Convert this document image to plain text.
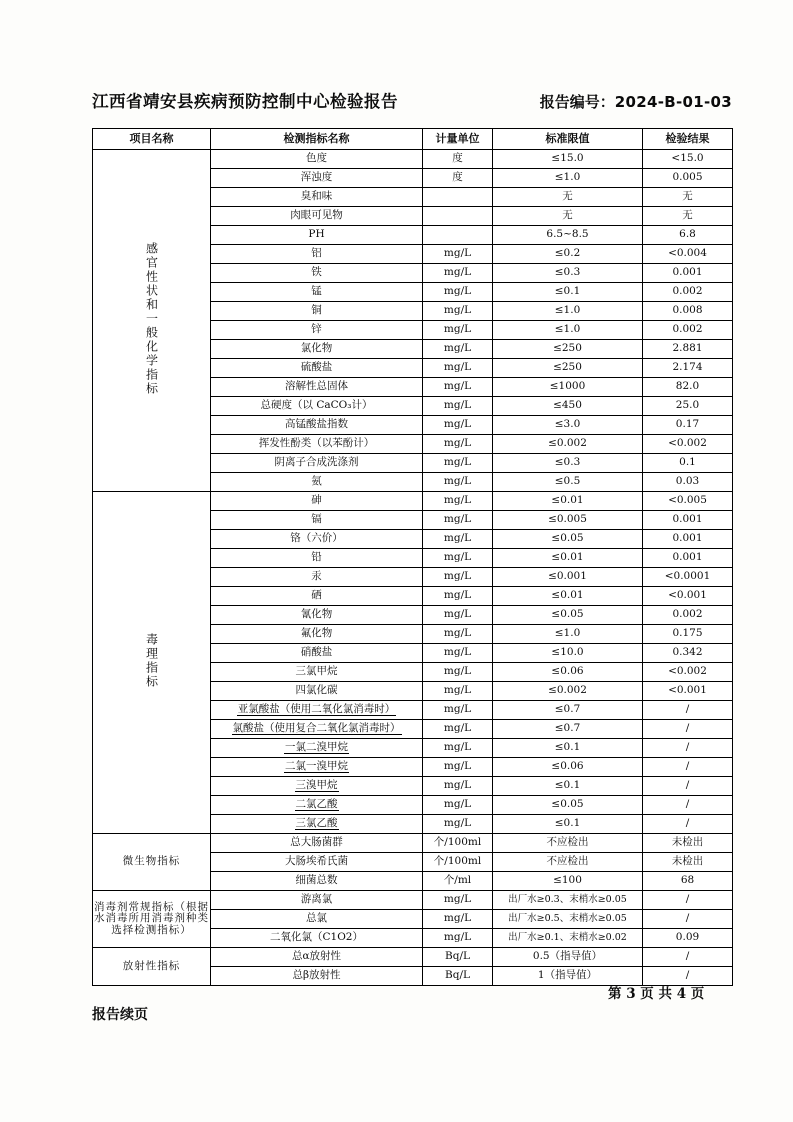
江西省靖安县疾病预防控制中心检验报告	报告编号：2024-B-01-03
项目名称	检测指标名称	计量单位	标准限值	检验结果
感官性状和一般化学指标	色度	度	≤15.0	<15.0
	浑浊度	度	≤1.0	0.005
	臭和味		无	无
	肉眼可见物		无	无
	PH		6.5~8.5	6.8
	铝	mg/L	≤0.2	<0.004
	铁	mg/L	≤0.3	0.001
	锰	mg/L	≤0.1	0.002
	铜	mg/L	≤1.0	0.008
	锌	mg/L	≤1.0	0.002
	氯化物	mg/L	≤250	2.881
	硫酸盐	mg/L	≤250	2.174
	溶解性总固体	mg/L	≤1000	82.0
	总硬度（以 CaCO₃计）	mg/L	≤450	25.0
	高锰酸盐指数	mg/L	≤3.0	0.17
	挥发性酚类（以苯酚计）	mg/L	≤0.002	<0.002
	阴离子合成洗涤剂	mg/L	≤0.3	0.1
	氨	mg/L	≤0.5	0.03
毒理指标	砷	mg/L	≤0.01	<0.005
	镉	mg/L	≤0.005	0.001
	铬（六价）	mg/L	≤0.05	0.001
	铅	mg/L	≤0.01	0.001
	汞	mg/L	≤0.001	<0.0001
	硒	mg/L	≤0.01	<0.001
	氰化物	mg/L	≤0.05	0.002
	氟化物	mg/L	≤1.0	0.175
	硝酸盐	mg/L	≤10.0	0.342
	三氯甲烷	mg/L	≤0.06	<0.002
	四氯化碳	mg/L	≤0.002	<0.001
	亚氯酸盐（使用二氧化氯消毒时）	mg/L	≤0.7	/
	氯酸盐（使用复合二氧化氯消毒时）	mg/L	≤0.7	/
	一氯二溴甲烷	mg/L	≤0.1	/
	二氯一溴甲烷	mg/L	≤0.06	/
	三溴甲烷	mg/L	≤0.1	/
	二氯乙酸	mg/L	≤0.05	/
	三氯乙酸	mg/L	≤0.1	/
微生物指标	总大肠菌群	个/100ml	不应检出	未检出
	大肠埃希氏菌	个/100ml	不应检出	未检出
	细菌总数	个/ml	≤100	68
消毒剂常规指标（根据水消毒所用消毒剂种类选择检测指标）	游离氯	mg/L	出厂水≥0.3、末梢水≥0.05	/
	总氯	mg/L	出厂水≥0.5、末梢水≥0.05	/
	二氧化氯（C1O2）	mg/L	出厂水≥0.1、末梢水≥0.02	0.09
放射性指标	总α放射性	Bq/L	0.5（指导值）	/
	总β放射性	Bq/L	1（指导值）	/
第 3 页 共 4 页
报告续页
